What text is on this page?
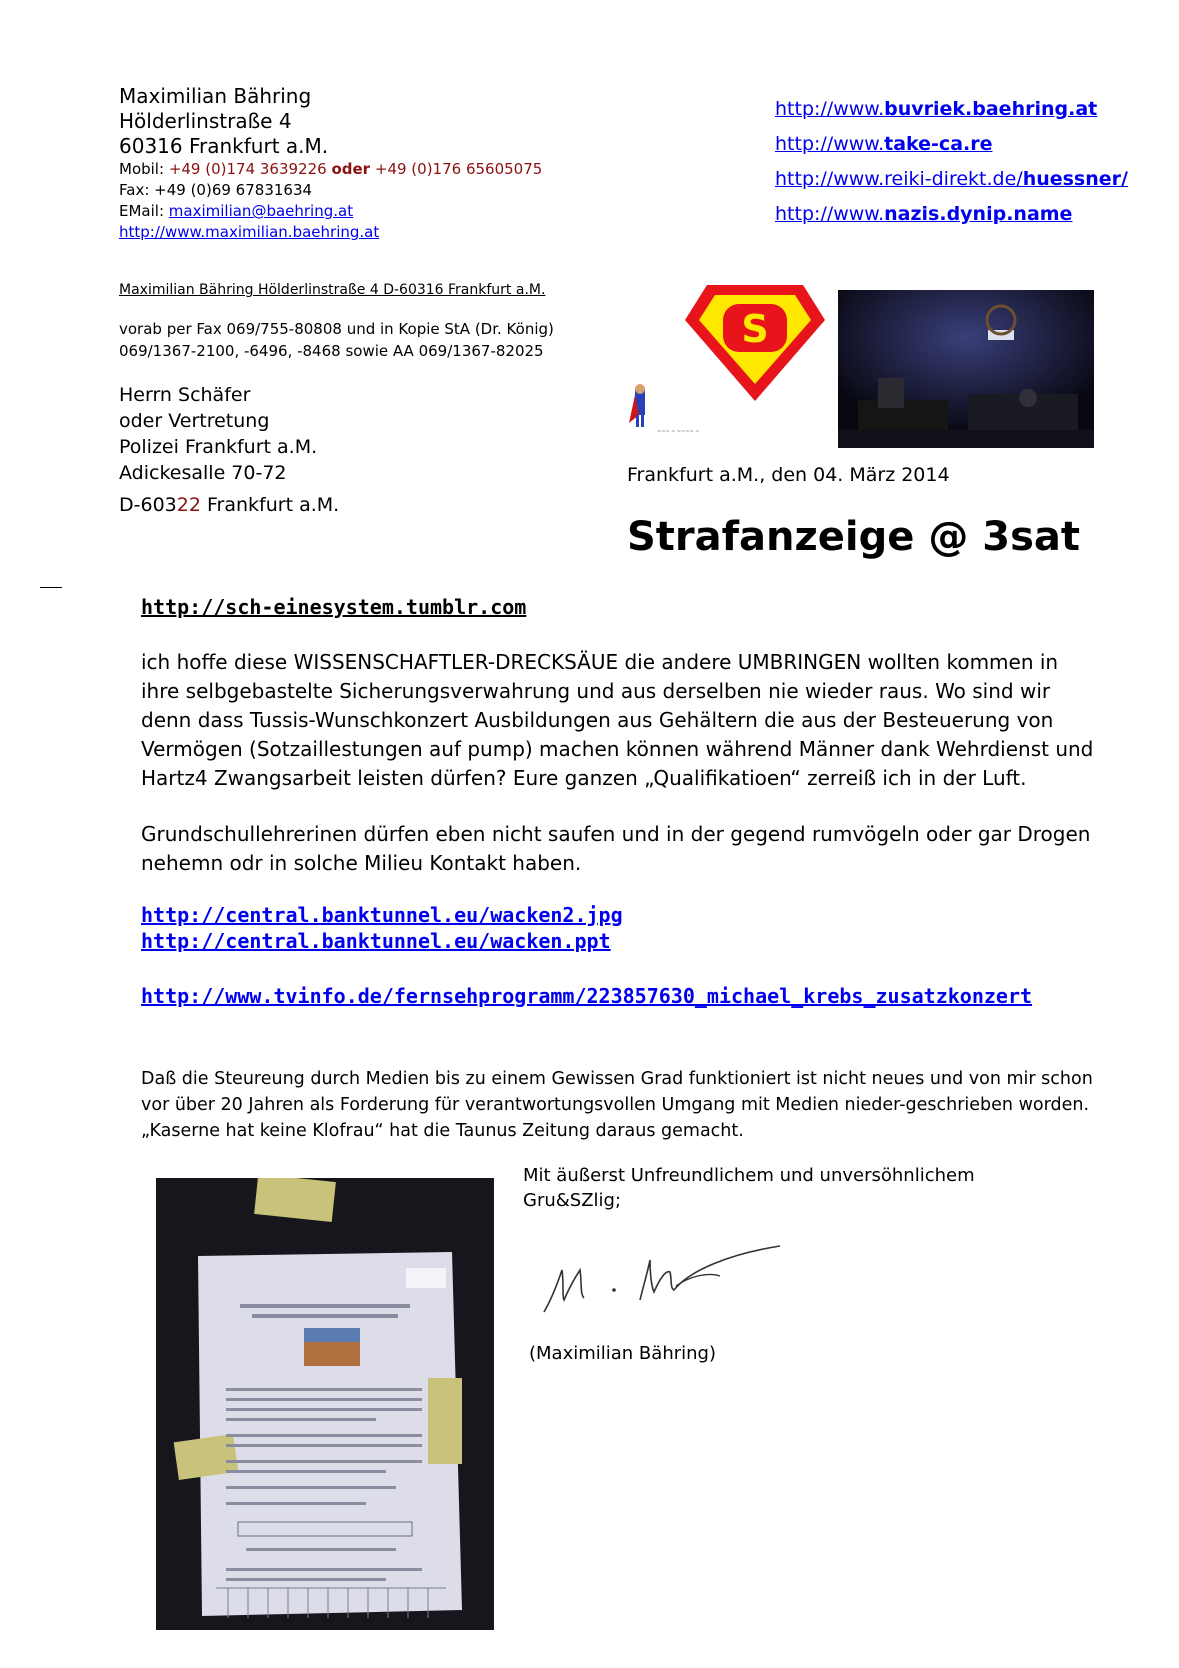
Maximilian Bähring
Hölderlinstraße 4
60316 Frankfurt a.M.
Mobil: +49 (0)174 3639226 oder +49 (0)176 65605075
Fax: +49 (0)69 67831634
EMail: maximilian@baehring.at
http://www.maximilian.baehring.at
http://www.buvriek.baehring.at
http://www.take-ca.re
http://www.reiki-direkt.de/huessner/
http://www.nazis.dynip.name
Maximilian Bähring Hölderlinstraße 4 D-60316 Frankfurt a.M.
vorab per Fax 069/755-80808 und in Kopie StA (Dr. König)
069/1367-2100, -6496, -8468 sowie AA 069/1367-82025
Herrn Schäfer
oder Vertretung
Polizei Frankfurt a.M.
Adickesalle 70-72
D-60322 Frankfurt a.M.
~~~ ~ ~~~~ ~
S
Frankfurt a.M., den 04. März 2014
Strafanzeige @ 3sat
http://sch-einesystem.tumblr.com
ich hoffe diese WISSENSCHAFTLER-DRECKSÄUE die andere UMBRINGEN wollten kommen in ihre selbgebastelte Sicherungsverwahrung und aus derselben nie wieder raus. Wo sind wir denn dass Tussis-Wunschkonzert Ausbildungen aus Gehältern die aus der Besteuerung von Vermögen (Sotzaillestungen auf pump) machen können während Männer dank Wehrdienst und Hartz4 Zwangsarbeit leisten dürfen? Eure ganzen „Qualifikatioen“ zerreiß ich in der Luft.
Grundschullehrerinen dürfen eben nicht saufen und in der gegend rumvögeln oder gar Drogen nehemn odr in solche Milieu Kontakt haben.
http://central.banktunnel.eu/wacken2.jpg
http://central.banktunnel.eu/wacken.ppt
http://www.tvinfo.de/fernsehprogramm/223857630_michael_krebs_zusatzkonzert
Daß die Steureung durch Medien bis zu einem Gewissen Grad funktioniert ist nicht neues und von mir schon vor über 20 Jahren als Forderung für verantwortungsvollen Umgang mit Medien nieder-geschrieben worden. „Kaserne hat keine Klofrau“ hat die Taunus Zeitung daraus gemacht.
Mit äußerst Unfreundlichem und unversöhnlichem
Gru&SZlig;
(Maximilian Bähring)
